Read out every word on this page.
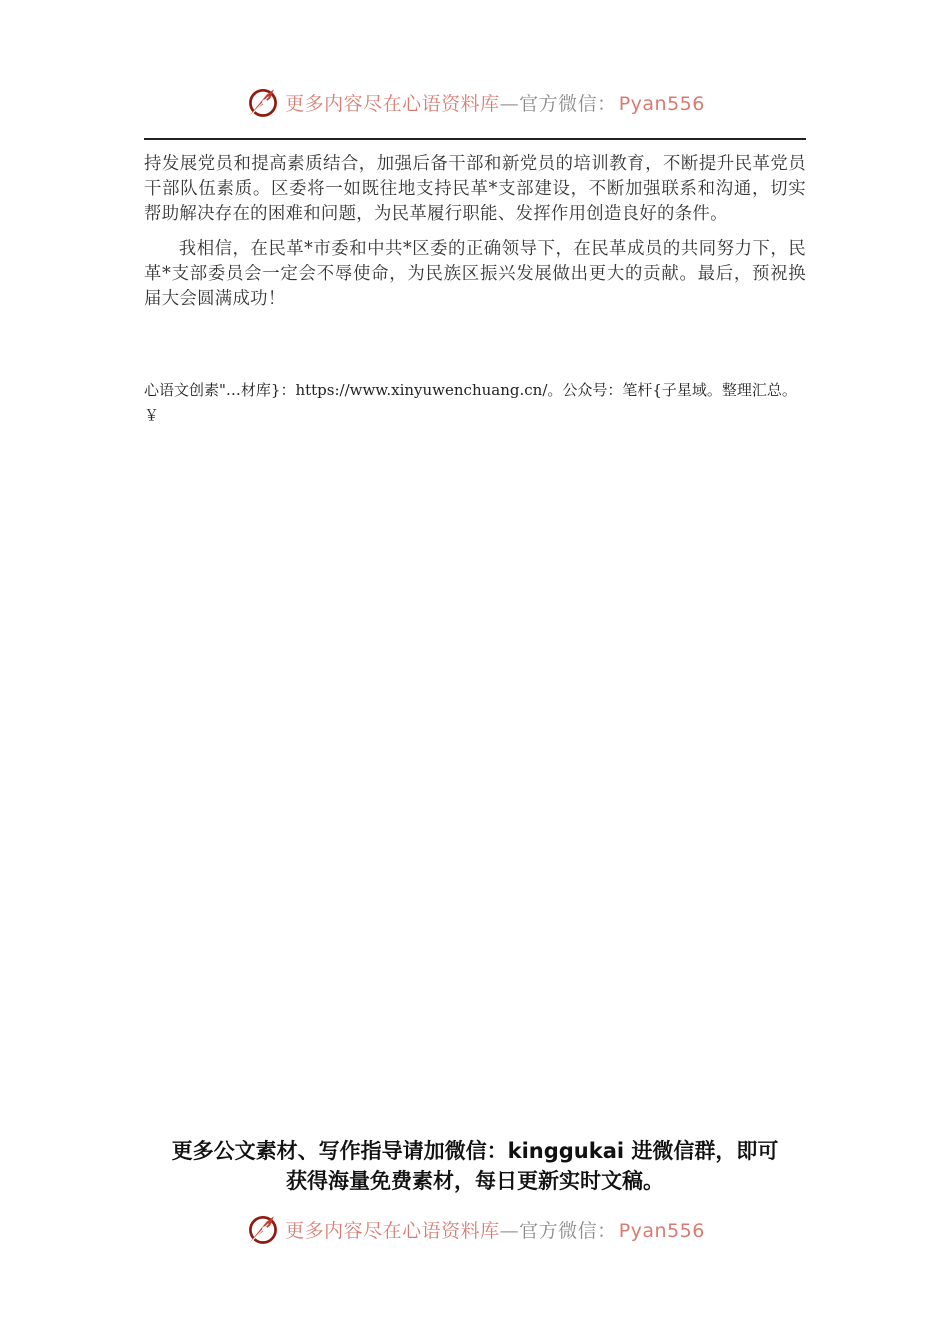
更多内容尽在心语资料库—官方微信： Pyan556

持发展党员和提高素质结合，加强后备干部和新党员的培训教育，不断提升民革党员干部队伍素质。区委将一如既往地支持民革*支部建设，不断加强联系和沟通，切实帮助解决存在的困难和问题，为民革履行职能、发挥作用创造良好的条件。

我相信，在民革*市委和中共*区委的正确领导下，在民革成员的共同努力下，民革*支部委员会一定会不辱使命，为民族区振兴发展做出更大的贡献。最后，预祝换届大会圆满成功！

心语文创素"…材库}：https://www.xinyuwenchuang.cn/。公众号：笔杆{子星域。整理汇总。
￥
更多公文素材、写作指导请加微信：kinggukai 进微信群，即可
获得海量免费素材，每日更新实时文稿。
更多内容尽在心语资料库—官方微信： Pyan556
